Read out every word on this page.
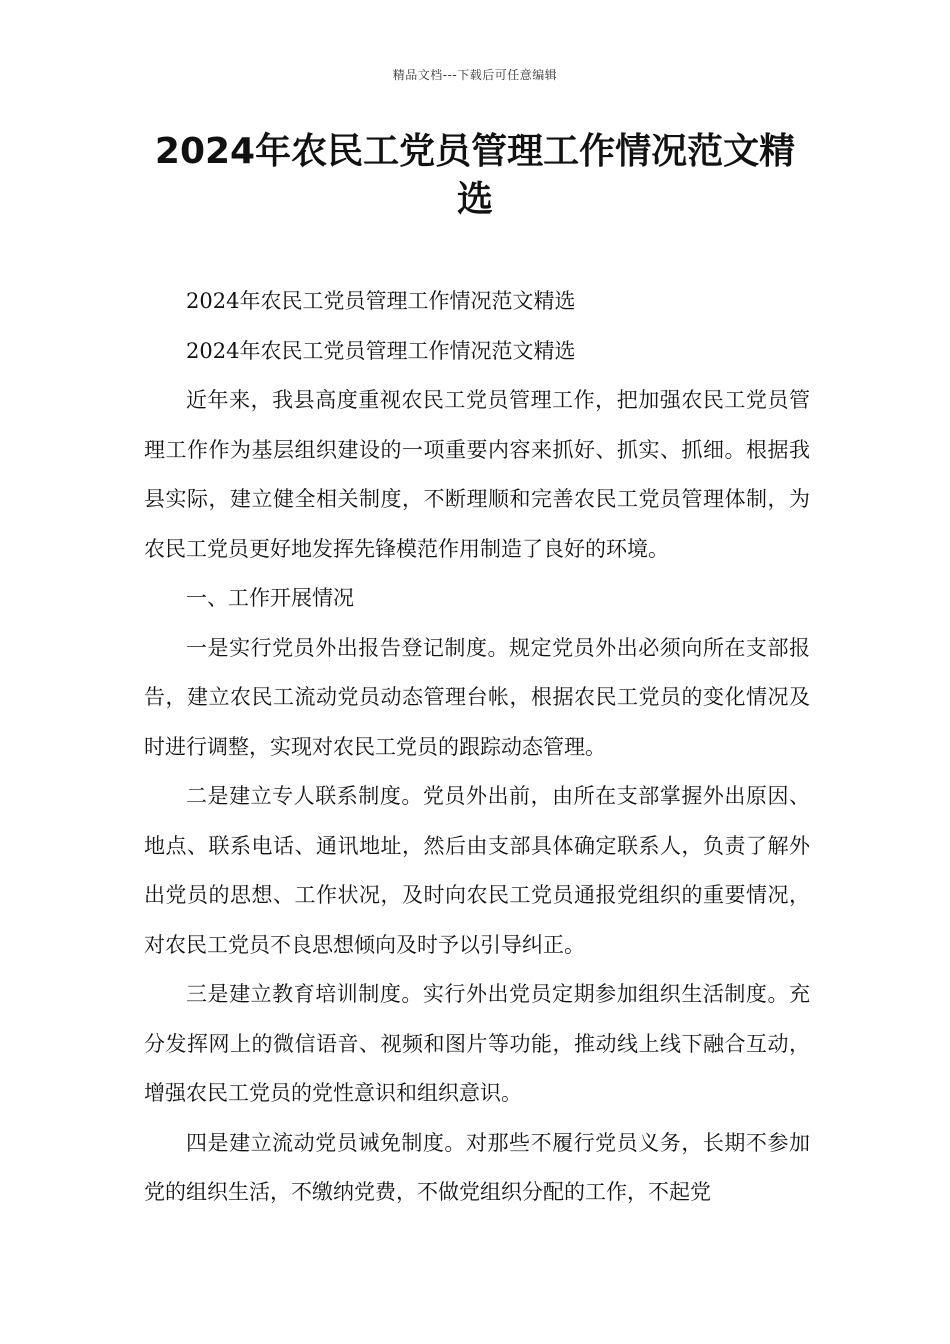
精品文档---下载后可任意编辑
2024年农民工党员管理工作情况范文精选

2024年农民工党员管理工作情况范文精选

2024年农民工党员管理工作情况范文精选

近年来，我县高度重视农民工党员管理工作，把加强农民工党员管理工作作为基层组织建设的一项重要内容来抓好、抓实、抓细。根据我县实际，建立健全相关制度，不断理顺和完善农民工党员管理体制，为农民工党员更好地发挥先锋模范作用制造了良好的环境。

一、工作开展情况

一是实行党员外出报告登记制度。规定党员外出必须向所在支部报告，建立农民工流动党员动态管理台帐，根据农民工党员的变化情况及时进行调整，实现对农民工党员的跟踪动态管理。

二是建立专人联系制度。党员外出前，由所在支部掌握外出原因、地点、联系电话、通讯地址，然后由支部具体确定联系人，负责了解外出党员的思想、工作状况，及时向农民工党员通报党组织的重要情况，对农民工党员不良思想倾向及时予以引导纠正。

三是建立教育培训制度。实行外出党员定期参加组织生活制度。充分发挥网上的微信语音、视频和图片等功能，推动线上线下融合互动，增强农民工党员的党性意识和组织意识。

四是建立流动党员诫免制度。对那些不履行党员义务，长期不参加党的组织生活，不缴纳党费，不做党组织分配的工作，不起党
